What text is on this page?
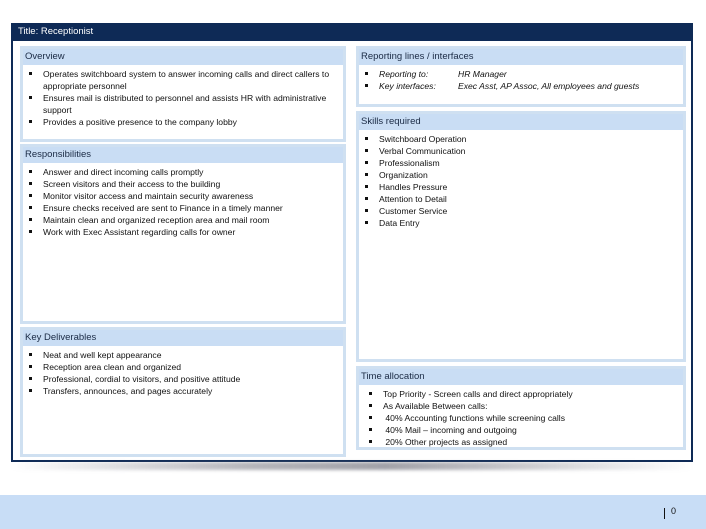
Title: Receptionist
Overview
Operates switchboard system to answer incoming calls and direct callers to appropriate personnel
Ensures mail is distributed to personnel and assists HR with administrative support
Provides a positive presence to the company lobby
Responsibilities
Answer and direct incoming calls promptly
Screen visitors and their access to the building
Monitor visitor access and maintain security awareness
Ensure checks received are sent to Finance in a timely manner
Maintain clean and organized reception area and mail room
Work with Exec Assistant regarding calls for owner
Key Deliverables
Neat and well kept appearance
Reception area clean and organized
Professional, cordial to visitors, and positive attitude
Transfers, announces, and pages accurately
Reporting lines / interfaces
Reporting to:	HR Manager
Key interfaces:	Exec Asst, AP Assoc, All employees and guests
Skills required
Switchboard Operation
Verbal Communication
Professionalism
Organization
Handles Pressure
Attention to Detail
Customer Service
Data Entry
Time allocation
Top Priority - Screen calls and direct appropriately
As Available Between calls:
40% Accounting functions while screening calls
40% Mail – incoming and outgoing
20% Other projects as assigned
0
